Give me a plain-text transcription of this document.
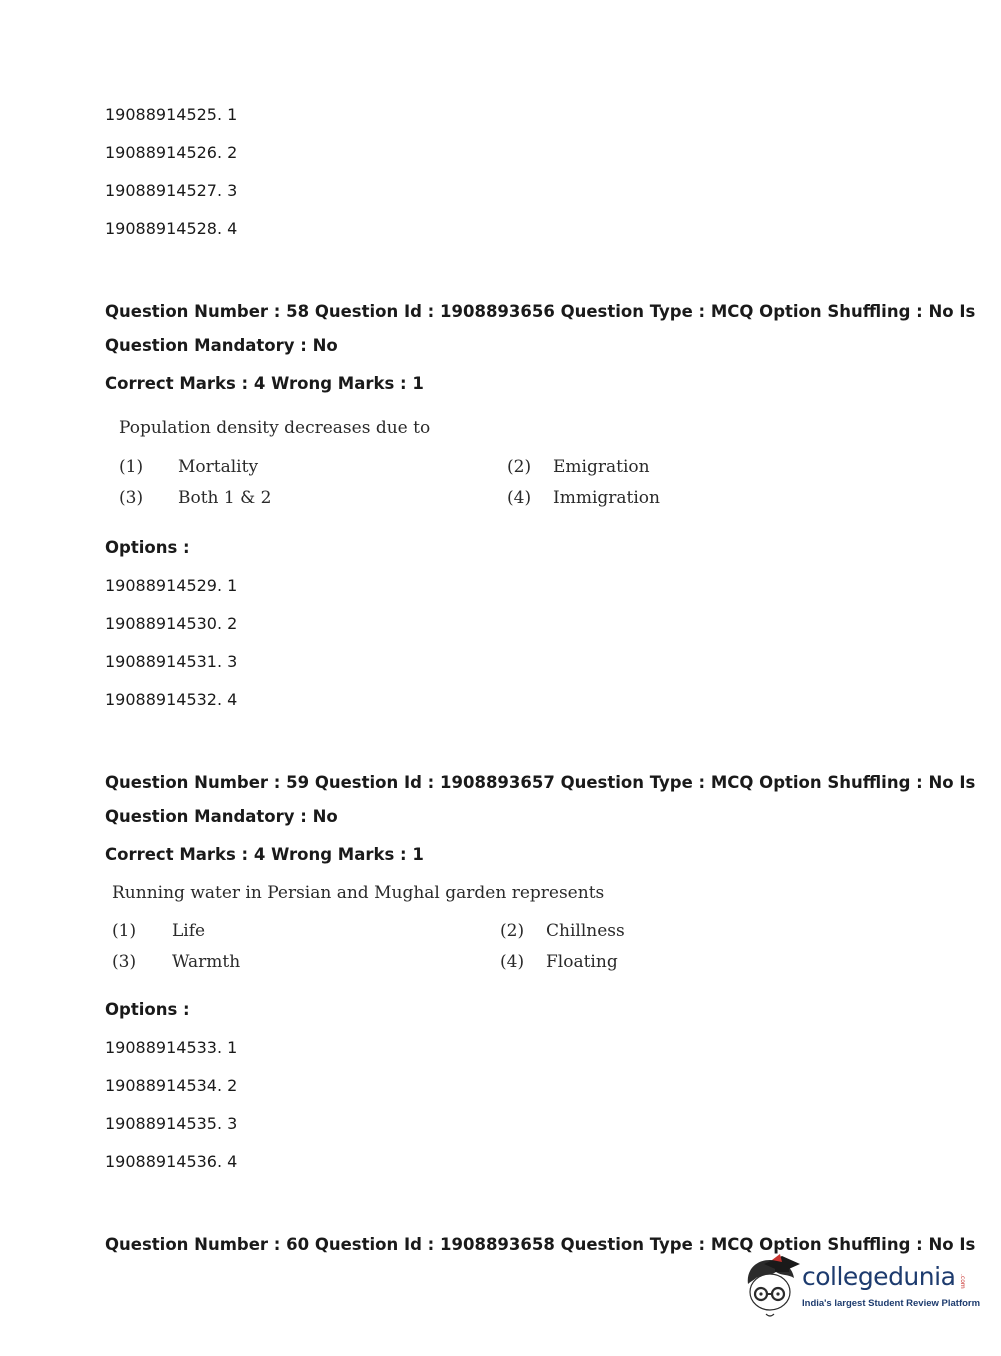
19088914525. 1
19088914526. 2
19088914527. 3
19088914528. 4
Question Number : 58 Question Id : 1908893656 Question Type : MCQ Option Shuffling : No Is
Question Mandatory : No
Correct Marks : 4 Wrong Marks : 1
Population density decreases due to
(1) Mortality	(2) Emigration
(3) Both 1 & 2	(4) Immigration
Options :
19088914529. 1
19088914530. 2
19088914531. 3
19088914532. 4
Question Number : 59 Question Id : 1908893657 Question Type : MCQ Option Shuffling : No Is
Question Mandatory : No
Correct Marks : 4 Wrong Marks : 1
Running water in Persian and Mughal garden represents
(1) Life	(2) Chillness
(3) Warmth	(4) Floating
Options :
19088914533. 1
19088914534. 2
19088914535. 3
19088914536. 4
Question Number : 60 Question Id : 1908893658 Question Type : MCQ Option Shuffling : No Is
collegedunia .com
India's largest Student Review Platform
